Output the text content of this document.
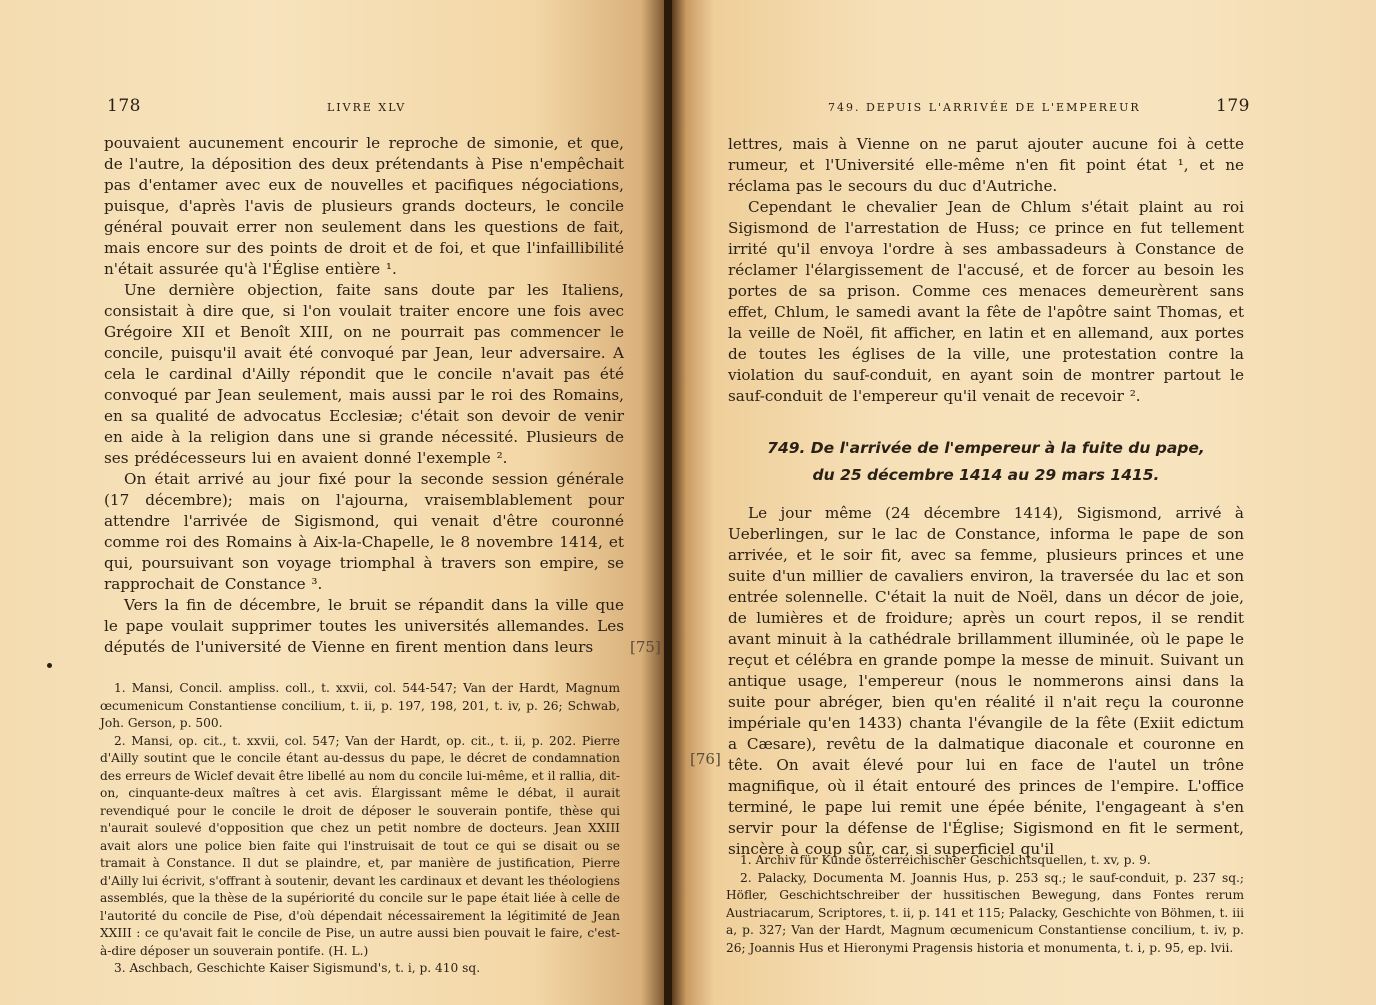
178	LIVRE XLV

pouvaient aucunement encourir le reproche de simonie, et que, de l'autre, la déposition des deux prétendants à Pise n'empêchait pas d'entamer avec eux de nouvelles et pacifiques négociations, puisque, d'après l'avis de plusieurs grands docteurs, le concile général pouvait errer non seulement dans les questions de fait, mais encore sur des points de droit et de foi, et que l'infaillibilité n'était assurée qu'à l'Église entière ¹.

Une dernière objection, faite sans doute par les Italiens, consistait à dire que, si l'on voulait traiter encore une fois avec Grégoire XII et Benoît XIII, on ne pourrait pas commencer le concile, puisqu'il avait été convoqué par Jean, leur adversaire. A cela le cardinal d'Ailly répondit que le concile n'avait pas été convoqué par Jean seulement, mais aussi par le roi des Romains, en sa qualité de advocatus Ecclesiæ; c'était son devoir de venir en aide à la religion dans une si grande nécessité. Plusieurs de ses prédécesseurs lui en avaient donné l'exemple ².

On était arrivé au jour fixé pour la seconde session générale (17 décembre); mais on l'ajourna, vraisemblablement pour attendre l'arrivée de Sigismond, qui venait d'être couronné comme roi des Romains à Aix-la-Chapelle, le 8 novembre 1414, et qui, poursuivant son voyage triomphal à travers son empire, se rapprochait de Constance ³.

Vers la fin de décembre, le bruit se répandit dans la ville que le pape voulait supprimer toutes les universités allemandes. Les députés de l'université de Vienne en firent mention dans leurs	[75]

1. Mansi, Concil. ampliss. coll., t. xxvii, col. 544-547; Van der Hardt, Magnum œcumenicum Constantiense concilium, t. ii, p. 197, 198, 201, t. iv, p. 26; Schwab, Joh. Gerson, p. 500.

2. Mansi, op. cit., t. xxvii, col. 547; Van der Hardt, op. cit., t. ii, p. 202. Pierre d'Ailly soutint que le concile étant au-dessus du pape, le décret de condamnation des erreurs de Wiclef devait être libellé au nom du concile lui-même, et il rallia, dit-on, cinquante-deux maîtres à cet avis. Élargissant même le débat, il aurait revendiqué pour le concile le droit de déposer le souverain pontife, thèse qui n'aurait soulevé d'opposition que chez un petit nombre de docteurs. Jean XXIII avait alors une police bien faite qui l'instruisait de tout ce qui se disait ou se tramait à Constance. Il dut se plaindre, et, par manière de justification, Pierre d'Ailly lui écrivit, s'offrant à soutenir, devant les cardinaux et devant les théologiens assemblés, que la thèse de la supériorité du concile sur le pape était liée à celle de l'autorité du concile de Pise, d'où dépendait nécessairement la légitimité de Jean XXIII : ce qu'avait fait le concile de Pise, un autre aussi bien pouvait le faire, c'est-à-dire déposer un souverain pontife. (H. L.)

3. Aschbach, Geschichte Kaiser Sigismund's, t. i, p. 410 sq.

749. DEPUIS L'ARRIVÉE DE L'EMPEREUR	179

lettres, mais à Vienne on ne parut ajouter aucune foi à cette rumeur, et l'Université elle-même n'en fit point état ¹, et ne réclama pas le secours du duc d'Autriche.

Cependant le chevalier Jean de Chlum s'était plaint au roi Sigismond de l'arrestation de Huss; ce prince en fut tellement irrité qu'il envoya l'ordre à ses ambassadeurs à Constance de réclamer l'élargissement de l'accusé, et de forcer au besoin les portes de sa prison. Comme ces menaces demeurèrent sans effet, Chlum, le samedi avant la fête de l'apôtre saint Thomas, et la veille de Noël, fit afficher, en latin et en allemand, aux portes de toutes les églises de la ville, une protestation contre la violation du sauf-conduit, en ayant soin de montrer partout le sauf-conduit de l'empereur qu'il venait de recevoir ².

749. De l'arrivée de l'empereur à la fuite du pape,
du 25 décembre 1414 au 29 mars 1415.

Le jour même (24 décembre 1414), Sigismond, arrivé à Ueberlingen, sur le lac de Constance, informa le pape de son arrivée, et le soir fit, avec sa femme, plusieurs princes et une suite d'un millier de cavaliers environ, la traversée du lac et son entrée solennelle. C'était la nuit de Noël, dans un décor de joie, de lumières et de froidure; après un court repos, il se rendit avant minuit à la cathédrale brillamment illuminée, où le pape le reçut et célébra en grande pompe la messe de minuit. Suivant un antique usage, l'empereur (nous le nommerons ainsi dans la suite pour abréger, bien qu'en réalité il n'ait reçu la couronne impériale qu'en 1433) chanta l'évangile de la fête (Exiit edictum a Cæsare), revêtu de la dalmatique diaconale et couronne en tête. On avait élevé pour lui en face de l'autel un trône magnifique, où il était entouré des princes de l'empire. L'office terminé, le pape lui remit une épée bénite, l'engageant à s'en servir pour la défense de l'Église; Sigismond en fit le serment, sincère à coup sûr, car, si superficiel qu'il

[76]

1. Archiv für Kunde österreichischer Geschichtsquellen, t. xv, p. 9.

2. Palacky, Documenta M. Joannis Hus, p. 253 sq.; le sauf-conduit, p. 237 sq.; Höfler, Geschichtschreiber der hussitischen Bewegung, dans Fontes rerum Austriacarum, Scriptores, t. ii, p. 141 et 115; Palacky, Geschichte von Böhmen, t. iii a, p. 327; Van der Hardt, Magnum œcumenicum Constantiense concilium, t. iv, p. 26; Joannis Hus et Hieronymi Pragensis historia et monumenta, t. i, p. 95, ep. lvii.
